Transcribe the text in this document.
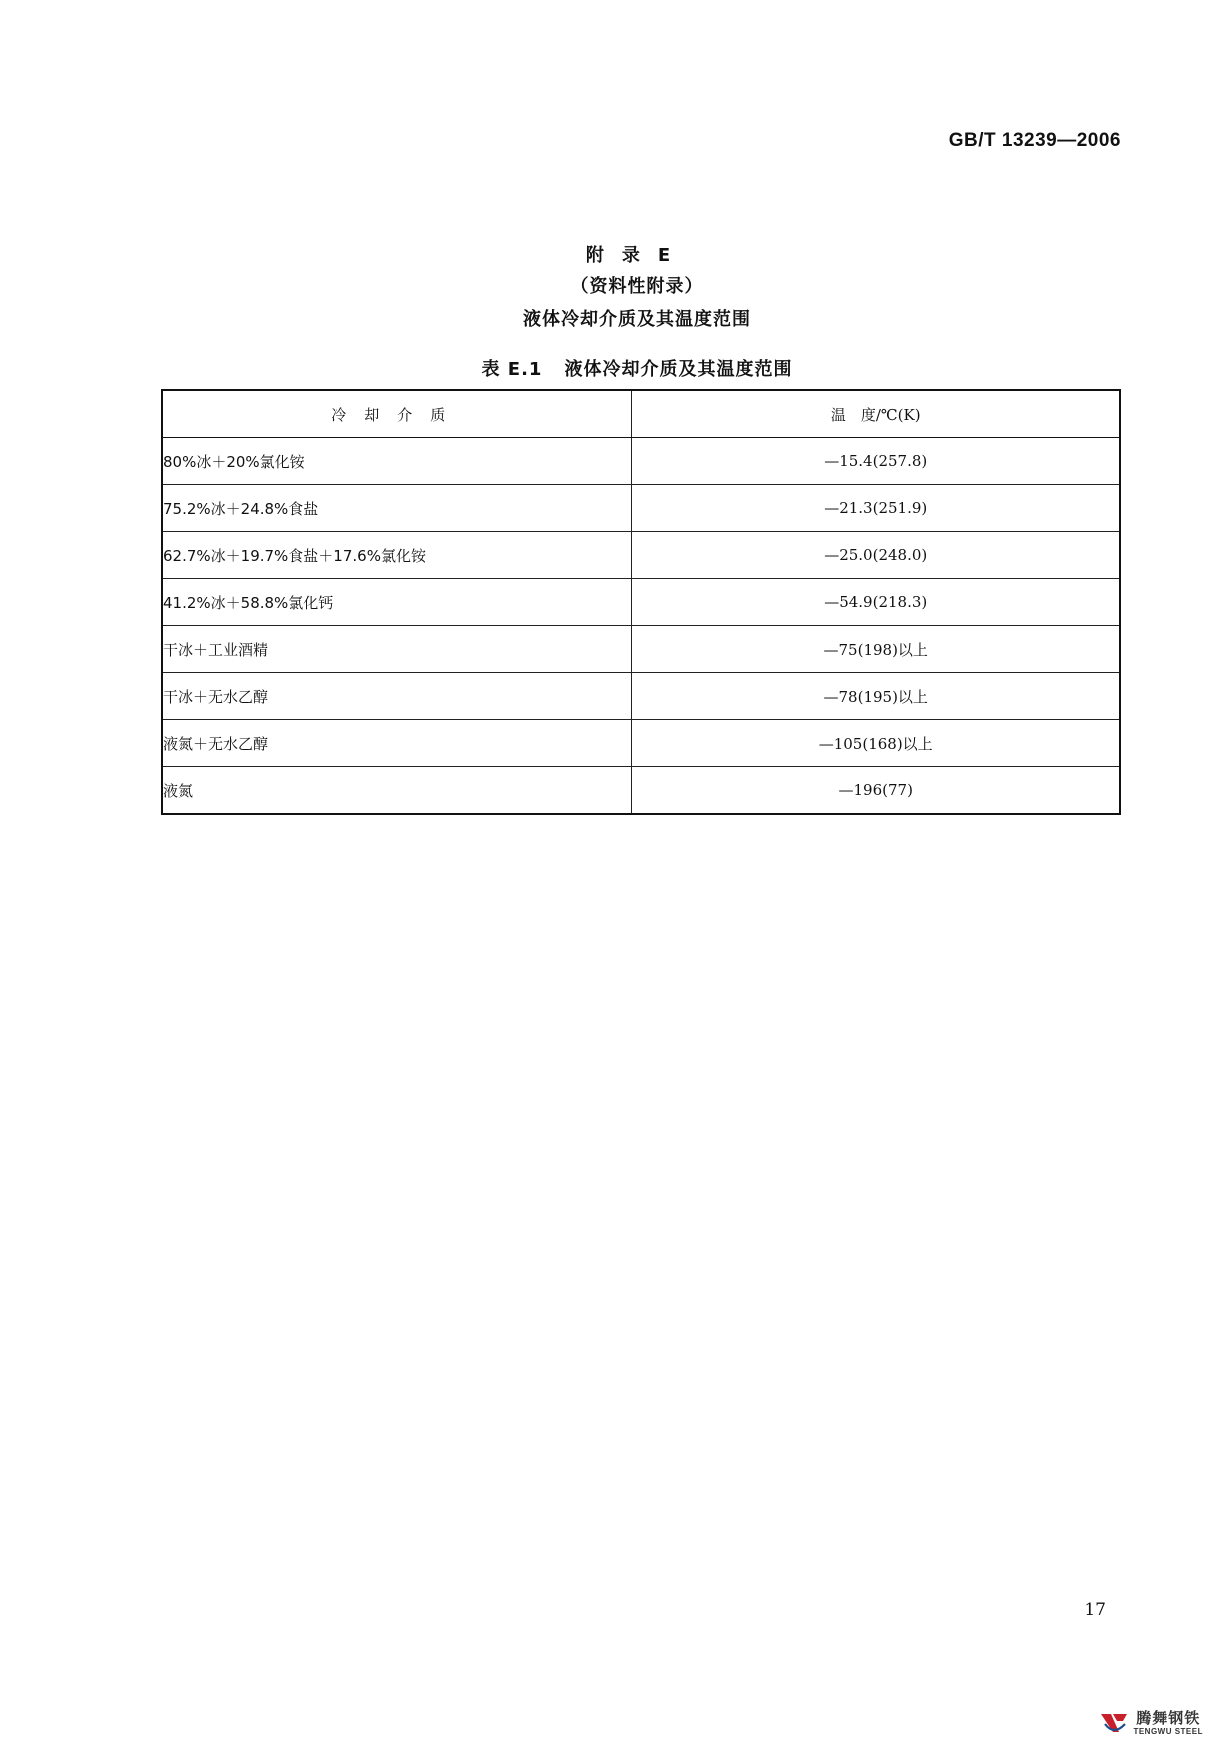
GB/T 13239—2006
附录E
（资料性附录）
液体冷却介质及其温度范围
表 E.1 液体冷却介质及其温度范围
冷却介质	温　度/℃(K)
80%冰＋20%氯化铵	—15.4(257.8)
75.2%冰＋24.8%食盐	—21.3(251.9)
62.7%冰＋19.7%食盐＋17.6%氯化铵	—25.0(248.0)
41.2%冰＋58.8%氯化钙	—54.9(218.3)
干冰＋工业酒精	—75(198)以上
干冰＋无水乙醇	—78(195)以上
液氮＋无水乙醇	—105(168)以上
液氮	—196(77)
17
腾舞钢铁
TENGWU STEEL
